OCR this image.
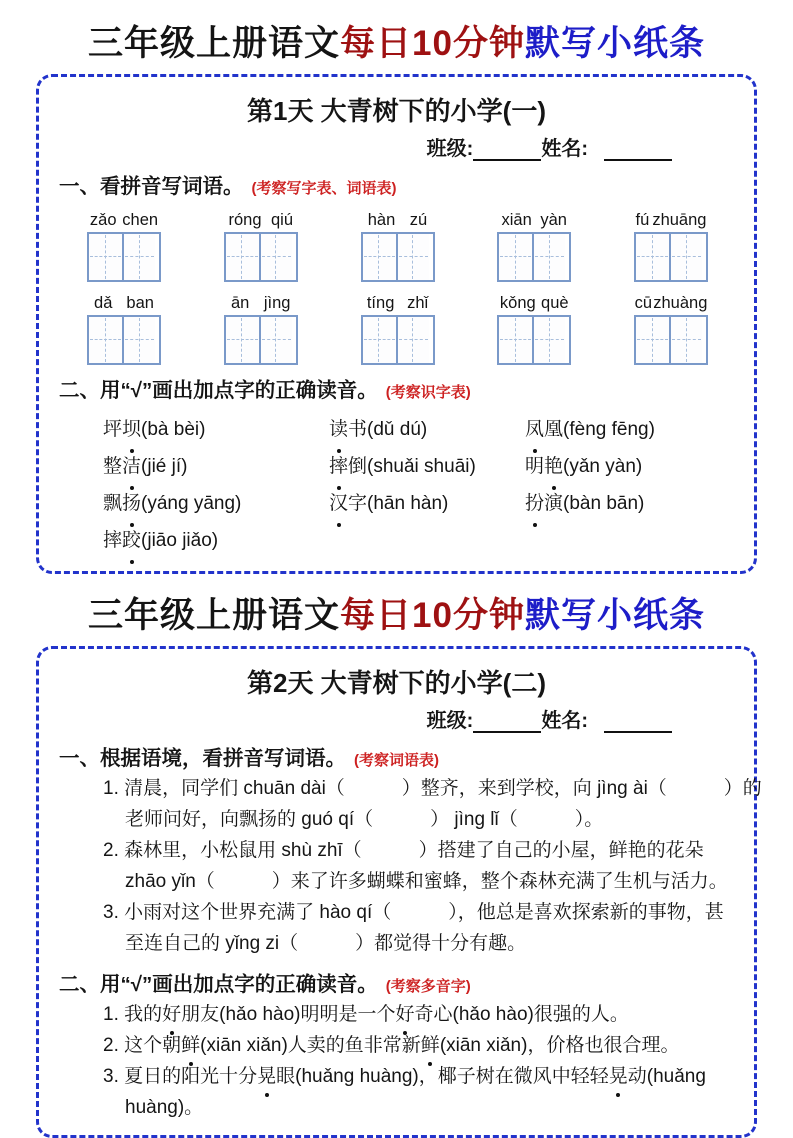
三年级上册语文每日10分钟默写小纸条
第1天 大青树下的小学(一)
班级:	姓名:
一、看拼音写词语。 (考察写字表、词语表)
zǎo chen	róng qiú	hàn zú	xiān yàn	fú zhuāng
dǎ ban	ān jìng	tíng zhǐ	kǒng què	cū zhuàng
二、用“√”画出加点字的正确读音。 (考察识字表)
坪坝(bà bèi)
整洁(jié jí)
飘扬(yáng yāng)
摔跤(jiāo jiǎo)
读书(dǔ dú)
摔倒(shuǎi shuāi)
汉字(hān hàn)
凤凰(fèng fēng)
明艳(yǎn yàn)
扮演(bàn bān)
三年级上册语文每日10分钟默写小纸条
第2天 大青树下的小学(二)
班级:	姓名:
一、根据语境，看拼音写词语。 (考察词语表)
1. 清晨，同学们 chuān dài（　　　）整齐，来到学校，向 jìng ài（　　　）的
老师问好，向飘扬的 guó qí（　　　） jìng lǐ（　　　）。
2. 森林里，小松鼠用 shù zhī（　　　）搭建了自己的小屋，鲜艳的花朵
zhāo yǐn（　　　）来了许多蝴蝶和蜜蜂，整个森林充满了生机与活力。
3. 小雨对这个世界充满了 hào qí（　　　），他总是喜欢探索新的事物，甚
至连自己的 yǐng zi（　　　）都觉得十分有趣。
二、用“√”画出加点字的正确读音。 (考察多音字)
1. 我的好朋友(hǎo hào)明明是一个好奇心(hǎo hào)很强的人。
2. 这个朝鲜(xiān xiǎn)人卖的鱼非常新鲜(xiān xiǎn)，价格也很合理。
3. 夏日的阳光十分晃眼(huǎng huàng)，椰子树在微风中轻轻晃动(huǎng
huàng)。
